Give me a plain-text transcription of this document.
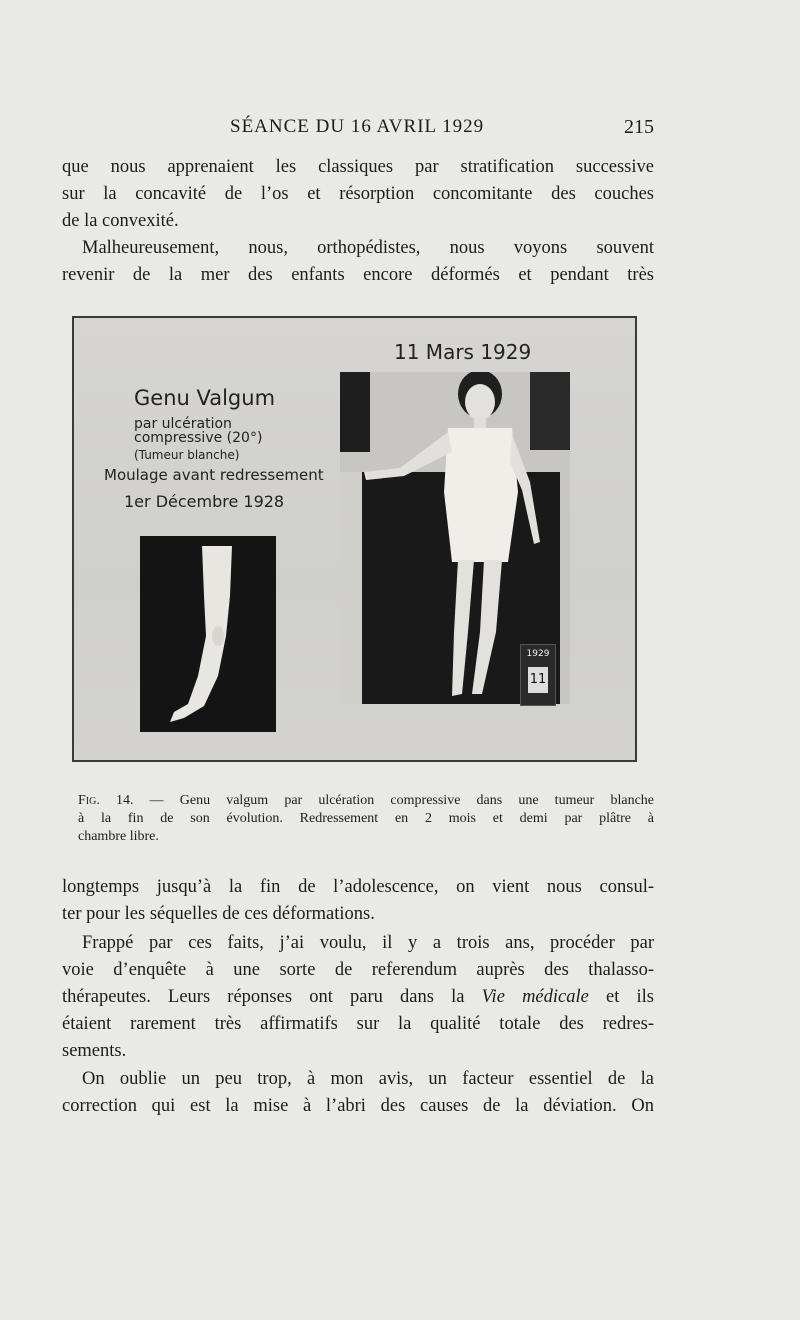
SÉANCE DU 16 AVRIL 1929	215

que nous apprenaient les classiques par stratification successive
sur la concavité de l’os et résorption concomitante des couches
de la convexité.

Malheureusement, nous, orthopédistes, nous voyons souvent
revenir de la mer des enfants encore déformés et pendant très

11 Mars 1929
Genu Valgum
par ulcération
compressive (20°)
(Tumeur blanche)
Moulage avant redressement
1er Décembre 1928
1929
11

Fig. 14. — Genu valgum par ulcération compressive dans une tumeur blanche
à la fin de son évolution. Redressement en 2 mois et demi par plâtre à
chambre libre.

longtemps jusqu’à la fin de l’adolescence, on vient nous consul-
ter pour les séquelles de ces déformations.

Frappé par ces faits, j’ai voulu, il y a trois ans, procéder par
voie d’enquête à une sorte de referendum auprès des thalasso-
thérapeutes. Leurs réponses ont paru dans la Vie médicale et ils
étaient rarement très affirmatifs sur la qualité totale des redres-
sements.

On oublie un peu trop, à mon avis, un facteur essentiel de la
correction qui est la mise à l’abri des causes de la déviation. On
